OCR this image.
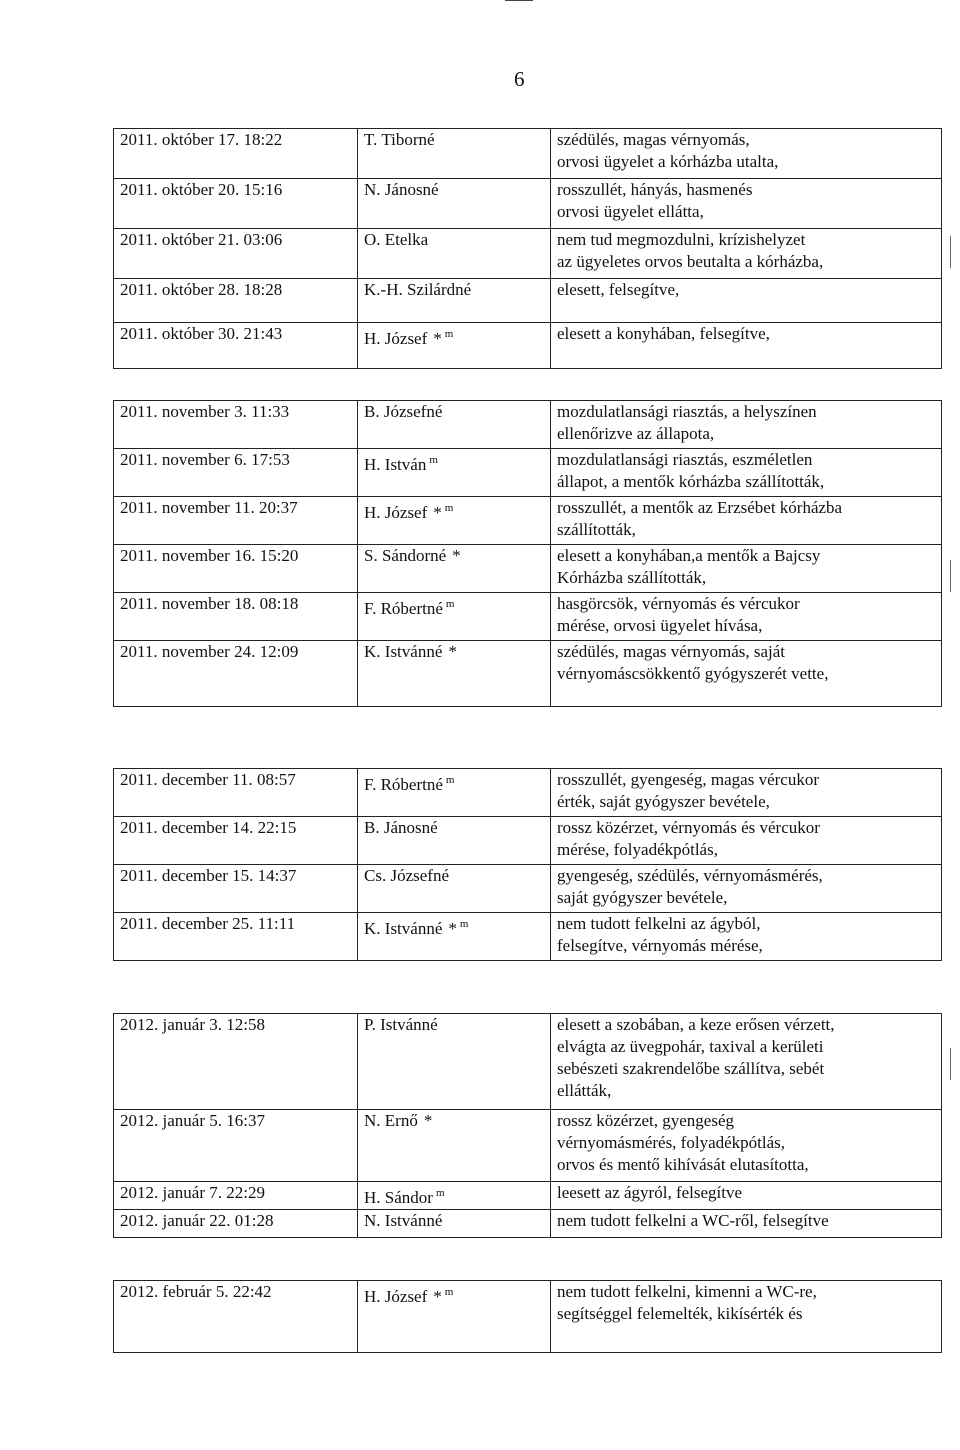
6
2011. október 17. 18:22	T. Tiborné	szédülés, magas vérnyomás,
orvosi ügyelet a kórházba utalta,

2011. október 20. 15:16	N. Jánosné	rosszullét, hányás, hasmenés
orvosi ügyelet ellátta,

2011. október 21. 03:06	O. Etelka	nem tud megmozdulni, krízishelyzet
az ügyeletes orvos beutalta a kórházba,

2011. október 28. 18:28	K.-H. Szilárdné	elesett, felsegítve,

2011. október 30. 21:43	H. József * $^m$	elesett a konyhában, felsegítve,
2011. november 3. 11:33	B. Józsefné	mozdulatlansági riasztás, a helyszínen
ellenőrizve az állapota,

2011. november 6. 17:53	H. István $^m$	mozdulatlansági riasztás, eszméletlen
állapot, a mentők kórházba szállították,

2011. november 11. 20:37	H. József * $^m$	rosszullét, a mentők az Erzsébet kórházba
szállították,

2011. november 16. 15:20	S. Sándorné *	elesett a konyhában,a mentők a Bajcsy
Kórházba szállították,

2011. november 18. 08:18	F. Róbertné $^m$	hasgörcsök, vérnyomás és vércukor
mérése, orvosi ügyelet hívása,

2011. november 24. 12:09	K. Istvánné *	szédülés, magas vérnyomás, saját
vérnyomáscsökkentő gyógyszerét vette,
2011. december 11. 08:57	F. Róbertné $^m$	rosszullét, gyengeség, magas vércukor
érték, saját gyógyszer bevétele,

2011. december 14. 22:15	B. Jánosné	rossz közérzet, vérnyomás és vércukor
mérése, folyadékpótlás,

2011. december 15. 14:37	Cs. Józsefné	gyengeség, szédülés, vérnyomásmérés,
saját gyógyszer bevétele,

2011. december 25. 11:11	K. Istvánné * $^m$	nem tudott felkelni az ágyból,
felsegítve, vérnyomás mérése,
2012. január 3. 12:58	P. Istvánné	elesett a szobában, a keze erősen vérzett,
elvágta az üvegpohár, taxival a kerületi
sebészeti szakrendelőbe szállítva, sebét
ellátták,

2012. január 5. 16:37	N. Ernő *	rossz közérzet, gyengeség
vérnyomásmérés, folyadékpótlás,
orvos és mentő kihívását elutasította,

2012. január 7. 22:29	H. Sándor $^m$	leesett az ágyról, felsegítve

2012. január 22. 01:28	N. Istvánné	nem tudott felkelni a WC-ről, felsegítve
2012. február 5. 22:42	H. József * $^m$	nem tudott felkelni, kimenni a WC-re,
segítséggel felemelték, kikísérték és
